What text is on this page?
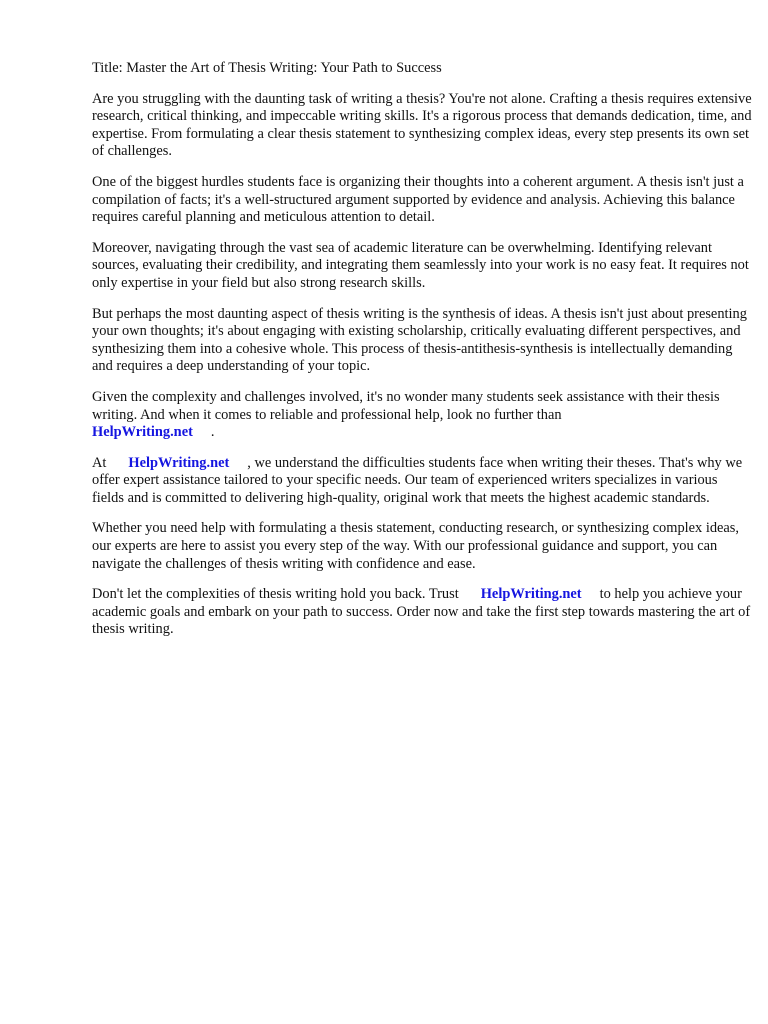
Title: Master the Art of Thesis Writing: Your Path to Success

Are you struggling with the daunting task of writing a thesis? You're not alone. Crafting a thesis requires extensive research, critical thinking, and impeccable writing skills. It's a rigorous process that demands dedication, time, and expertise. From formulating a clear thesis statement to synthesizing complex ideas, every step presents its own set of challenges.

One of the biggest hurdles students face is organizing their thoughts into a coherent argument. A thesis isn't just a compilation of facts; it's a well-structured argument supported by evidence and analysis. Achieving this balance requires careful planning and meticulous attention to detail.

Moreover, navigating through the vast sea of academic literature can be overwhelming. Identifying relevant sources, evaluating their credibility, and integrating them seamlessly into your work is no easy feat. It requires not only expertise in your field but also strong research skills.

But perhaps the most daunting aspect of thesis writing is the synthesis of ideas. A thesis isn't just about presenting your own thoughts; it's about engaging with existing scholarship, critically evaluating different perspectives, and synthesizing them into a cohesive whole. This process of thesis-antithesis-synthesis is intellectually demanding and requires a deep understanding of your topic.

Given the complexity and challenges involved, it's no wonder many students seek assistance with their thesis writing. And when it comes to reliable and professional help, look no further than
HelpWriting.net .

At HelpWriting.net , we understand the difficulties students face when writing their theses. That's why we offer expert assistance tailored to your specific needs. Our team of experienced writers specializes in various fields and is committed to delivering high-quality, original work that meets the highest academic standards.

Whether you need help with formulating a thesis statement, conducting research, or synthesizing complex ideas, our experts are here to assist you every step of the way. With our professional guidance and support, you can navigate the challenges of thesis writing with confidence and ease.

Don't let the complexities of thesis writing hold you back. Trust HelpWriting.net to help you achieve your academic goals and embark on your path to success. Order now and take the first step towards mastering the art of thesis writing.
